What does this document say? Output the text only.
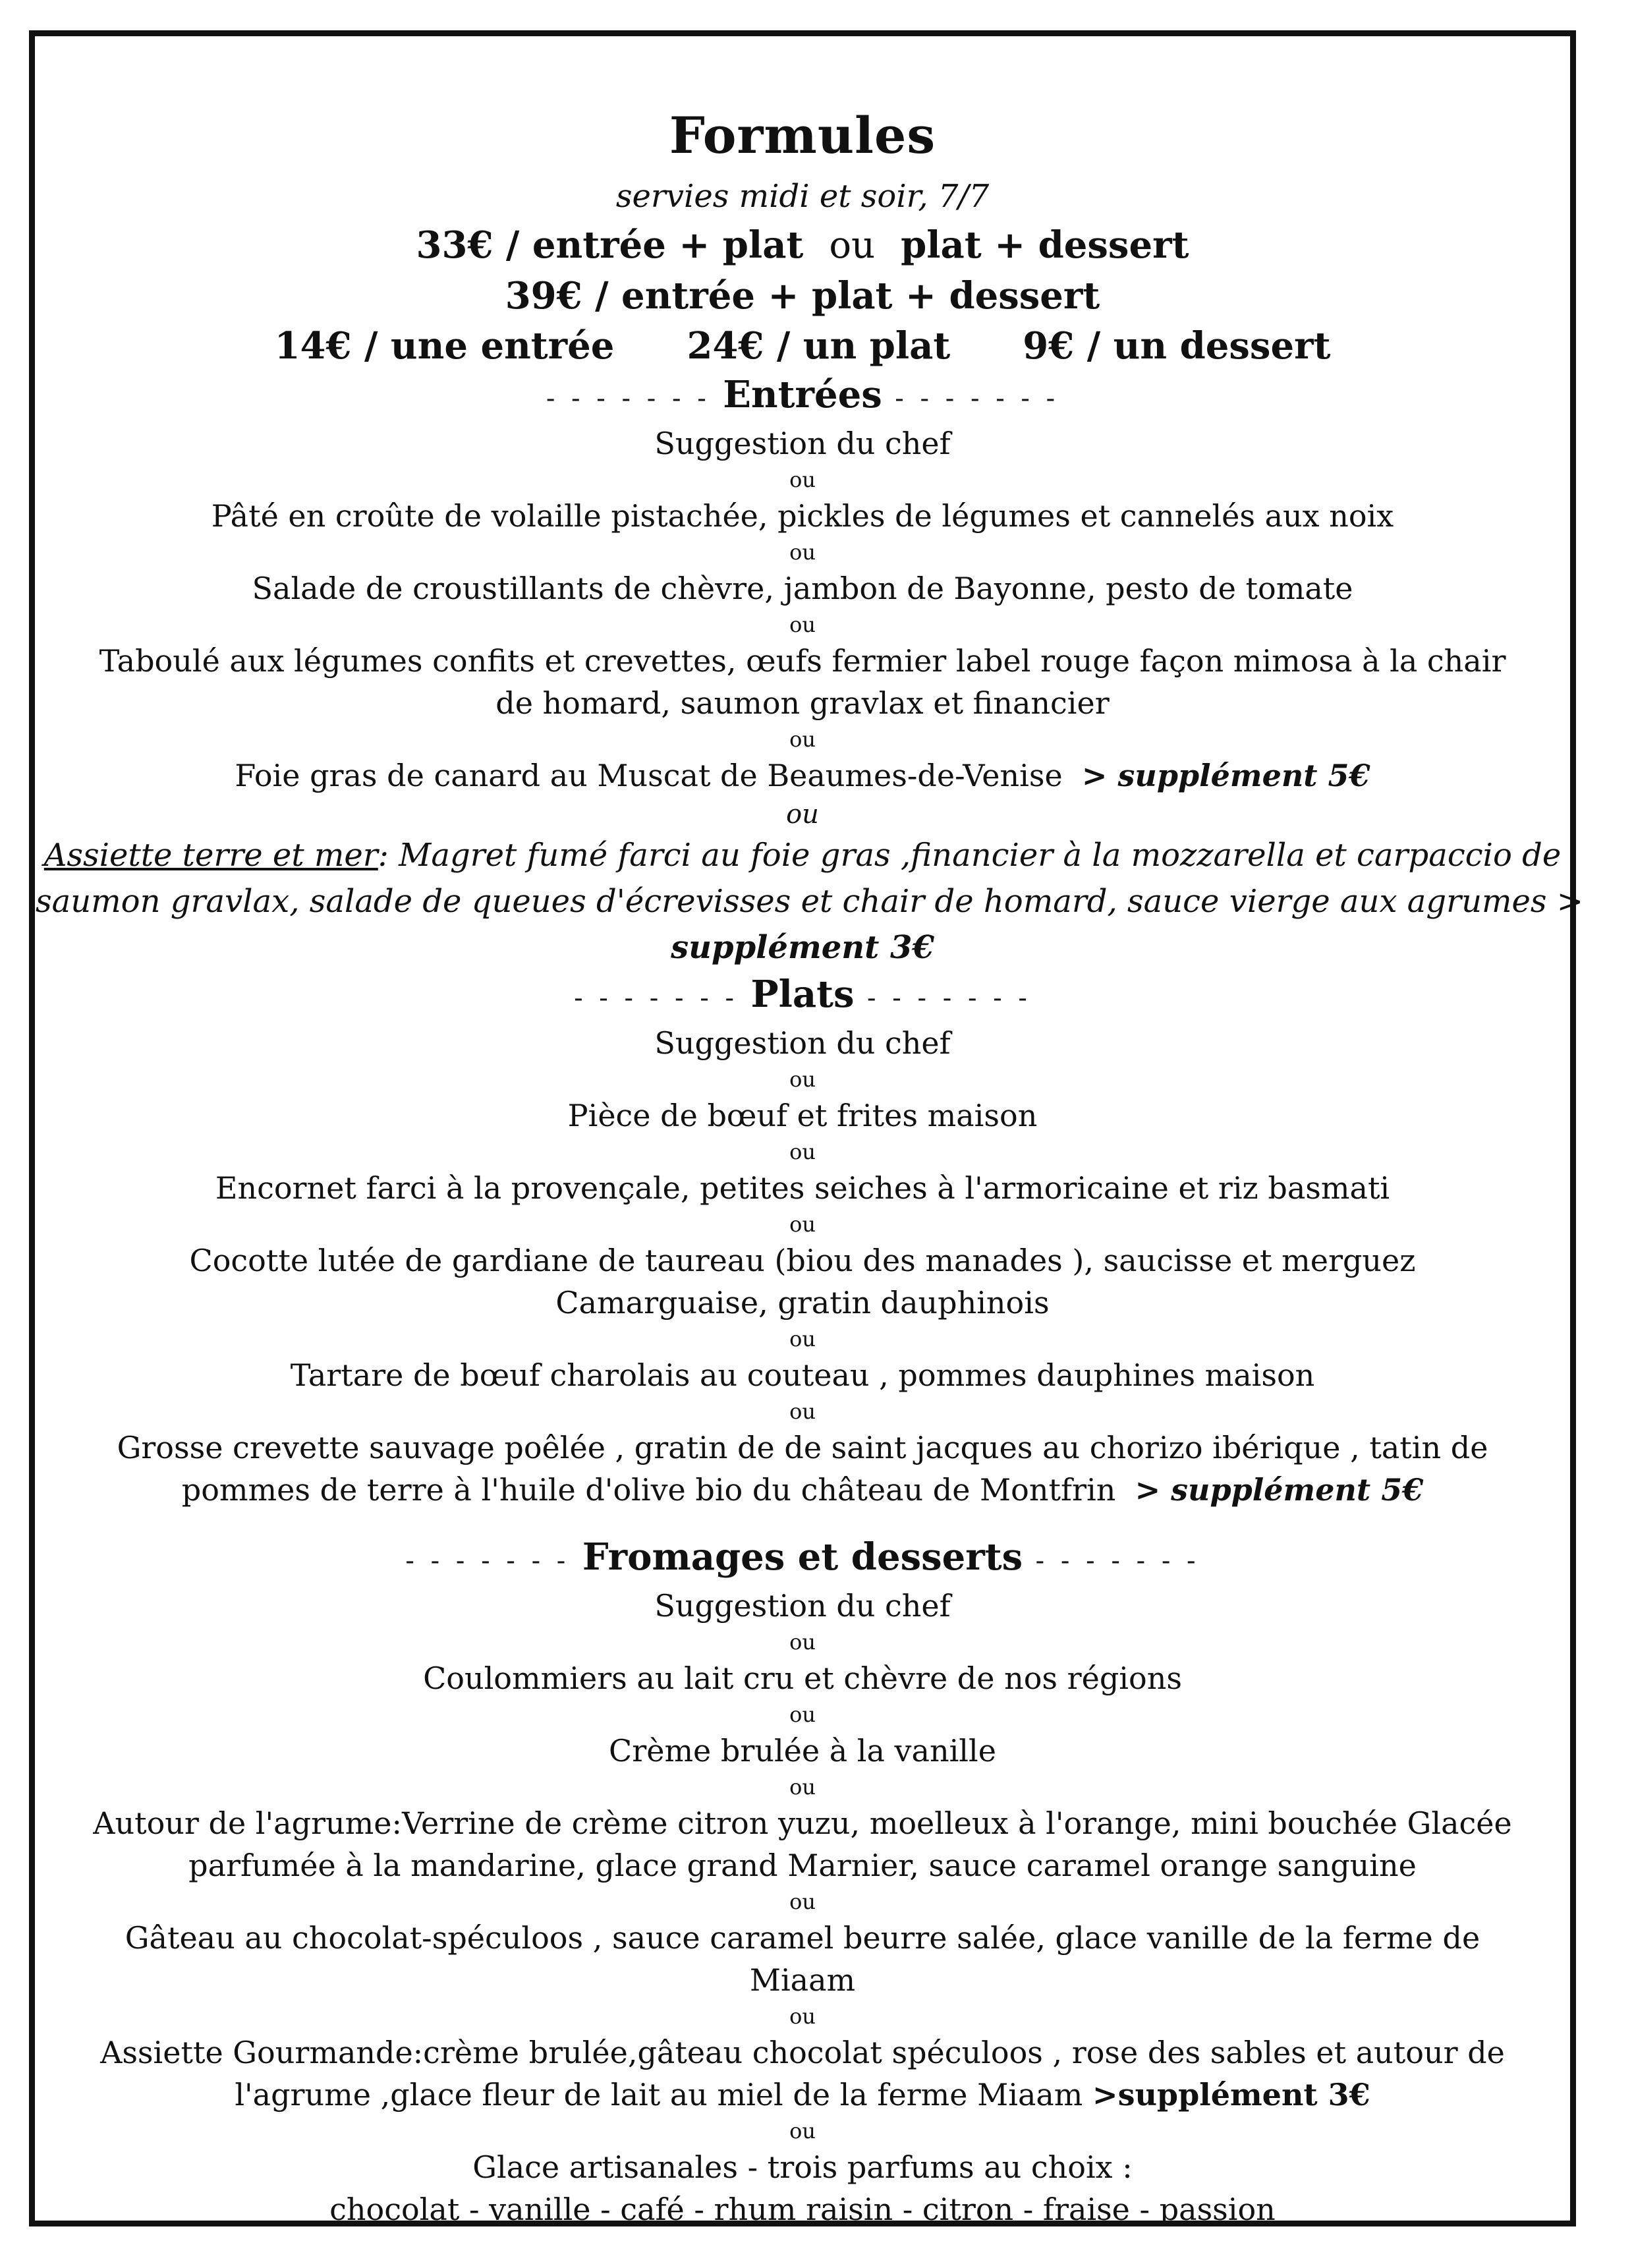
Formules
servies midi et soir, 7/7
33€ / entrée + plat ou plat + dessert
39€ / entrée + plat + dessert
14€ / une entrée 24€ / un plat 9€ / un dessert
- - - - - - - Entrées - - - - - - -
Suggestion du chef
ou
Pâté en croûte de volaille pistachée, pickles de légumes et cannelés aux noix
ou
Salade de croustillants de chèvre, jambon de Bayonne, pesto de tomate
ou
Taboulé aux légumes confits et crevettes, œufs fermier label rouge façon mimosa à la chair
de homard, saumon gravlax et financier
ou
Foie gras de canard au Muscat de Beaumes-de-Venise > supplément 5€
ou
Assiette terre et mer: Magret fumé farci au foie gras ,financier à la mozzarella et carpaccio de
saumon gravlax, salade de queues d'écrevisses et chair de homard, sauce vierge aux agrumes >
supplément 3€
- - - - - - - Plats - - - - - - -
Suggestion du chef
ou
Pièce de bœuf et frites maison
ou
Encornet farci à la provençale, petites seiches à l'armoricaine et riz basmati
ou
Cocotte lutée de gardiane de taureau (biou des manades ), saucisse et merguez
Camarguaise, gratin dauphinois
ou
Tartare de bœuf charolais au couteau , pommes dauphines maison
ou
Grosse crevette sauvage poêlée , gratin de de saint jacques au chorizo ibérique , tatin de
pommes de terre à l'huile d'olive bio du château de Montfrin > supplément 5€
- - - - - - - Fromages et desserts - - - - - - -
Suggestion du chef
ou
Coulommiers au lait cru et chèvre de nos régions
ou
Crème brulée à la vanille
ou
Autour de l'agrume:Verrine de crème citron yuzu, moelleux à l'orange, mini bouchée Glacée
parfumée à la mandarine, glace grand Marnier, sauce caramel orange sanguine
ou
Gâteau au chocolat-spéculoos , sauce caramel beurre salée, glace vanille de la ferme de
Miaam
ou
Assiette Gourmande:crème brulée,gâteau chocolat spéculoos , rose des sables et autour de
l'agrume ,glace fleur de lait au miel de la ferme Miaam >supplément 3€
ou
Glace artisanales - trois parfums au choix :
chocolat - vanille - café - rhum raisin - citron - fraise - passion
